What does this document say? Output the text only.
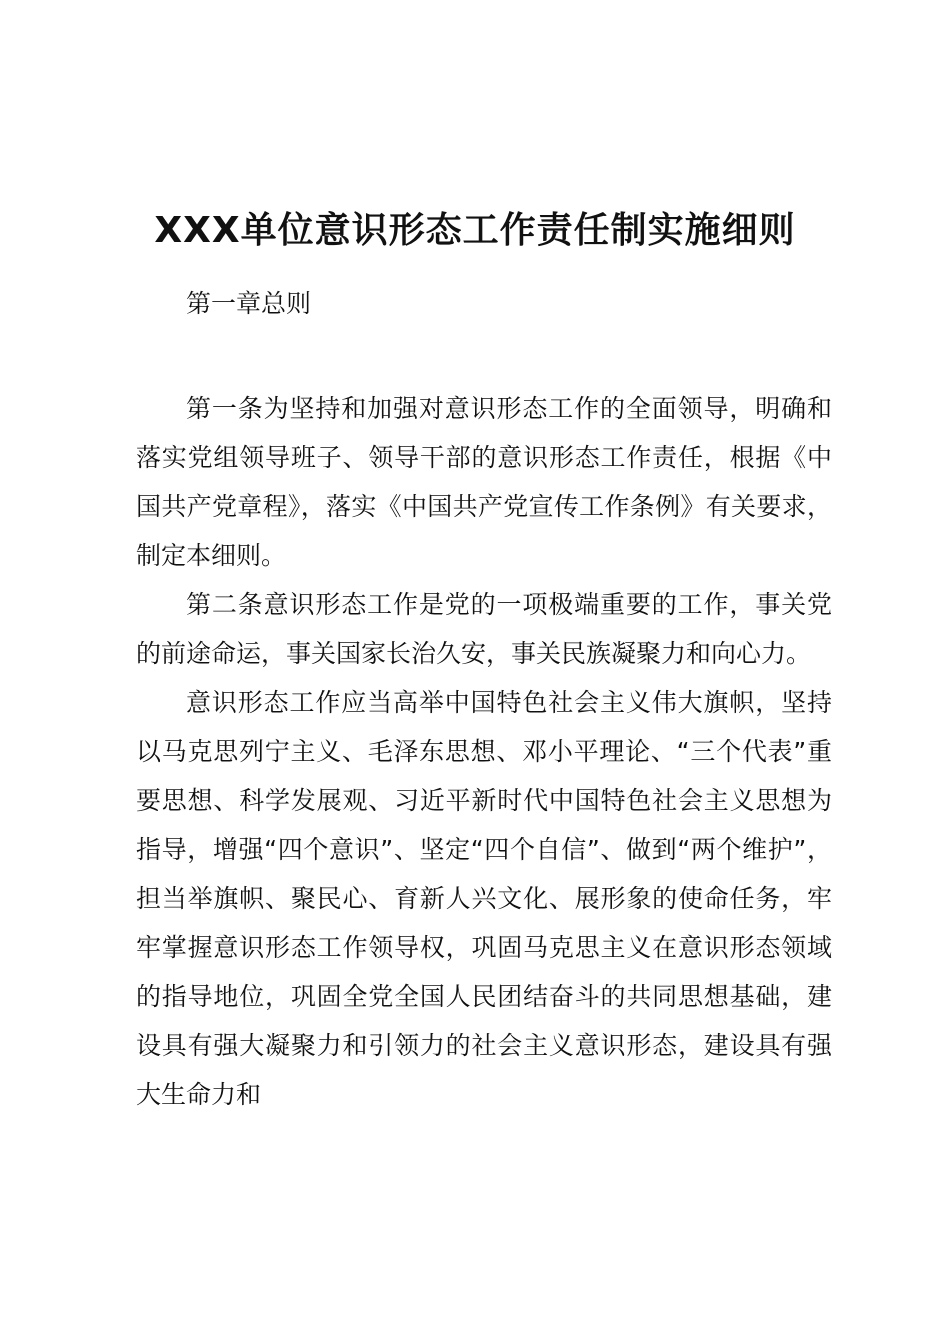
XXX单位意识形态工作责任制实施细则
第一章总则

第一条为坚持和加强对意识形态工作的全面领导，明确和落实党组领导班子、领导干部的意识形态工作责任，根据《中国共产党章程》，落实《中国共产党宣传工作条例》有关要求，制定本细则。

第二条意识形态工作是党的一项极端重要的工作，事关党的前途命运，事关国家长治久安，事关民族凝聚力和向心力。

意识形态工作应当高举中国特色社会主义伟大旗帜，坚持以马克思列宁主义、毛泽东思想、邓小平理论、“三个代表”重要思想、科学发展观、习近平新时代中国特色社会主义思想为指导，增强“四个意识”、坚定“四个自信”、做到“两个维护”，担当举旗帜、聚民心、育新人兴文化、展形象的使命任务，牢牢掌握意识形态工作领导权，巩固马克思主义在意识形态领域的指导地位，巩固全党全国人民团结奋斗的共同思想基础，建设具有强大凝聚力和引领力的社会主义意识形态，建设具有强大生命力和
